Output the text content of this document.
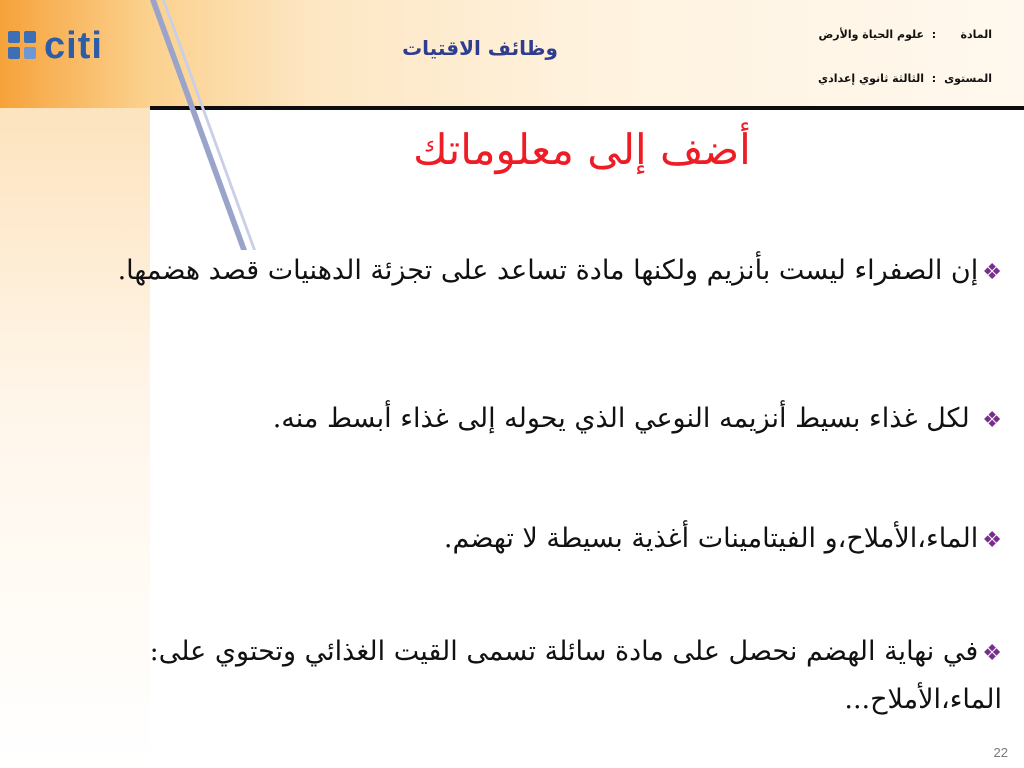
citi	وظائف الاقتيات
المادة:علوم الحياة والأرض
المستوى:الثالثة ثانوي إعدادي
أضف إلى معلوماتك
❖إن الصفراء ليست بأنزيم ولكنها مادة تساعد على تجزئة الدهنيات قصد هضمها.
❖ لكل غذاء بسيط أنزيمه النوعي الذي يحوله إلى غذاء أبسط منه.
❖الماء،الأملاح،و الفيتامينات أغذية بسيطة لا تهضم.
❖في نهاية الهضم نحصل على مادة سائلة تسمى القيت الغذائي وتحتوي على: الماء،الأملاح...
22
